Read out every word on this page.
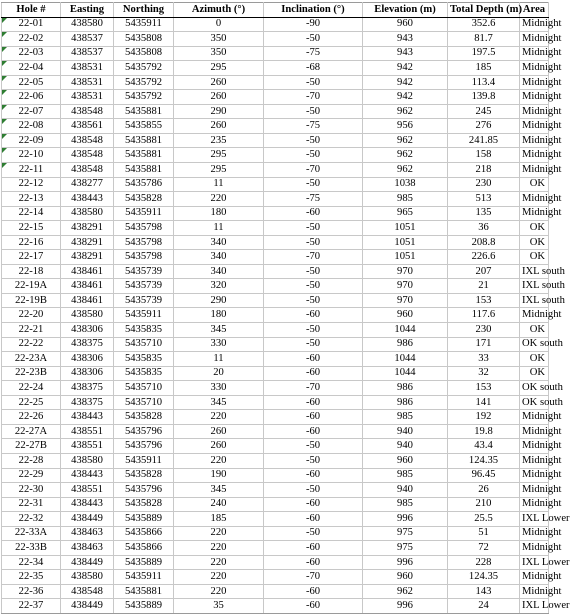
Hole #	Easting	Northing	Azimuth (°)	Inclination (°)	Elevation (m)	Total Depth (m)	Area

22-01	438580	5435911	0	-90	960	352.6	Midnight

22-02	438537	5435808	350	-50	943	81.7	Midnight

22-03	438537	5435808	350	-75	943	197.5	Midnight

22-04	438531	5435792	295	-68	942	185	Midnight

22-05	438531	5435792	260	-50	942	113.4	Midnight

22-06	438531	5435792	260	-70	942	139.8	Midnight

22-07	438548	5435881	290	-50	962	245	Midnight

22-08	438561	5435855	260	-75	956	276	Midnight

22-09	438548	5435881	235	-50	962	241.85	Midnight

22-10	438548	5435881	295	-50	962	158	Midnight

22-11	438548	5435881	295	-70	962	218	Midnight
22-12	438277	5435786	11	-50	1038	230	OK
22-13	438443	5435828	220	-75	985	513	Midnight
22-14	438580	5435911	180	-60	965	135	Midnight
22-15	438291	5435798	11	-50	1051	36	OK
22-16	438291	5435798	340	-50	1051	208.8	OK
22-17	438291	5435798	340	-70	1051	226.6	OK
22-18	438461	5435739	340	-50	970	207	IXL south
22-19A	438461	5435739	320	-50	970	21	IXL south
22-19B	438461	5435739	290	-50	970	153	IXL south
22-20	438580	5435911	180	-60	960	117.6	Midnight
22-21	438306	5435835	345	-50	1044	230	OK
22-22	438375	5435710	330	-50	986	171	OK south
22-23A	438306	5435835	11	-60	1044	33	OK
22-23B	438306	5435835	20	-60	1044	32	OK
22-24	438375	5435710	330	-70	986	153	OK south
22-25	438375	5435710	345	-60	986	141	OK south
22-26	438443	5435828	220	-60	985	192	Midnight
22-27A	438551	5435796	260	-60	940	19.8	Midnight
22-27B	438551	5435796	260	-50	940	43.4	Midnight
22-28	438580	5435911	220	-50	960	124.35	Midnight
22-29	438443	5435828	190	-60	985	96.45	Midnight
22-30	438551	5435796	345	-50	940	26	Midnight
22-31	438443	5435828	240	-60	985	210	Midnight
22-32	438449	5435889	185	-60	996	25.5	IXL Lower
22-33A	438463	5435866	220	-50	975	51	Midnight
22-33B	438463	5435866	220	-60	975	72	Midnight
22-34	438449	5435889	220	-60	996	228	IXL Lower
22-35	438580	5435911	220	-70	960	124.35	Midnight
22-36	438548	5435881	220	-60	962	143	Midnight
22-37	438449	5435889	35	-60	996	24	IXL Lower
